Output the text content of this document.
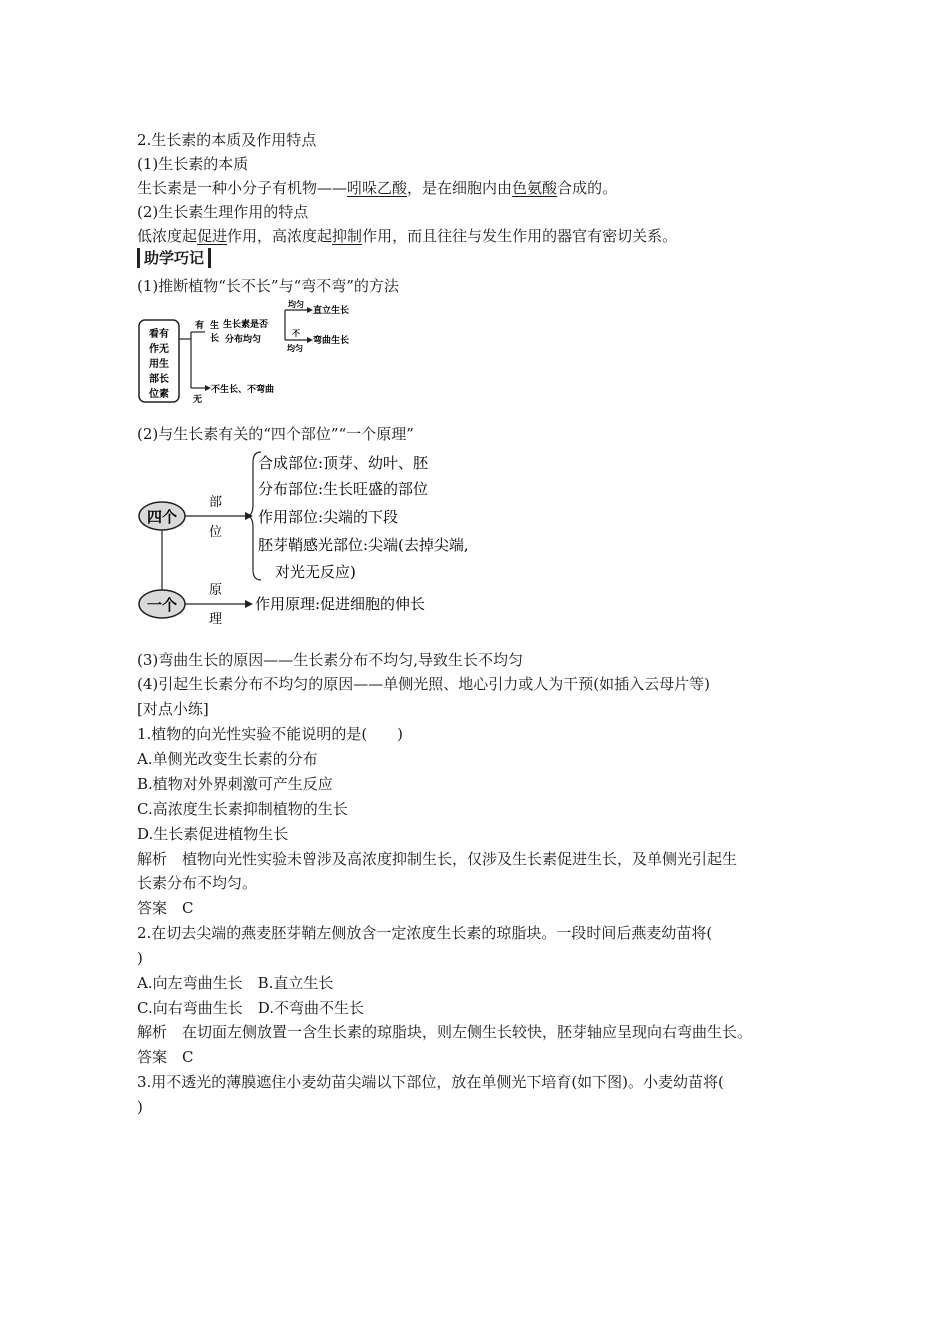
2.生长素的本质及作用特点
(1)生长素的本质
生长素是一种小分子有机物——吲哚乙酸，是在细胞内由色氨酸合成的。
(2)生长素生理作用的特点
低浓度起促进作用，高浓度起抑制作用，而且往往与发生作用的器官有密切关系。
助学巧记
(1)推断植物“长不长”与“弯不弯”的方法
看有
作无
用生
部长
位素
有
无
生
长
生长素是否
分布均匀
均匀
直立生长
不
均匀
弯曲生长
不生长、不弯曲
(2)与生长素有关的“四个部位”“一个原理”
四个
一个
部
位
原
理
合成部位:顶芽、幼叶、胚
分布部位:生长旺盛的部位
作用部位:尖端的下段
胚芽鞘感光部位:尖端(去掉尖端,
对光无反应)
作用原理:促进细胞的伸长
(3)弯曲生长的原因——生长素分布不均匀,导致生长不均匀
(4)引起生长素分布不均匀的原因——单侧光照、地心引力或人为干预(如插入云母片等)
[对点小练]
1.植物的向光性实验不能说明的是(　　)
A.单侧光改变生长素的分布
B.植物对外界刺激可产生反应
C.高浓度生长素抑制植物的生长
D.生长素促进植物生长
解析　植物向光性实验未曾涉及高浓度抑制生长，仅涉及生长素促进生长，及单侧光引起生
长素分布不均匀。
答案　C
2.在切去尖端的燕麦胚芽鞘左侧放含一定浓度生长素的琼脂块。一段时间后燕麦幼苗将(
)
A.向左弯曲生长　B.直立生长
C.向右弯曲生长　D.不弯曲不生长
解析　在切面左侧放置一含生长素的琼脂块，则左侧生长较快，胚芽轴应呈现向右弯曲生长。
答案　C
3.用不透光的薄膜遮住小麦幼苗尖端以下部位，放在单侧光下培育(如下图)。小麦幼苗将(
)
